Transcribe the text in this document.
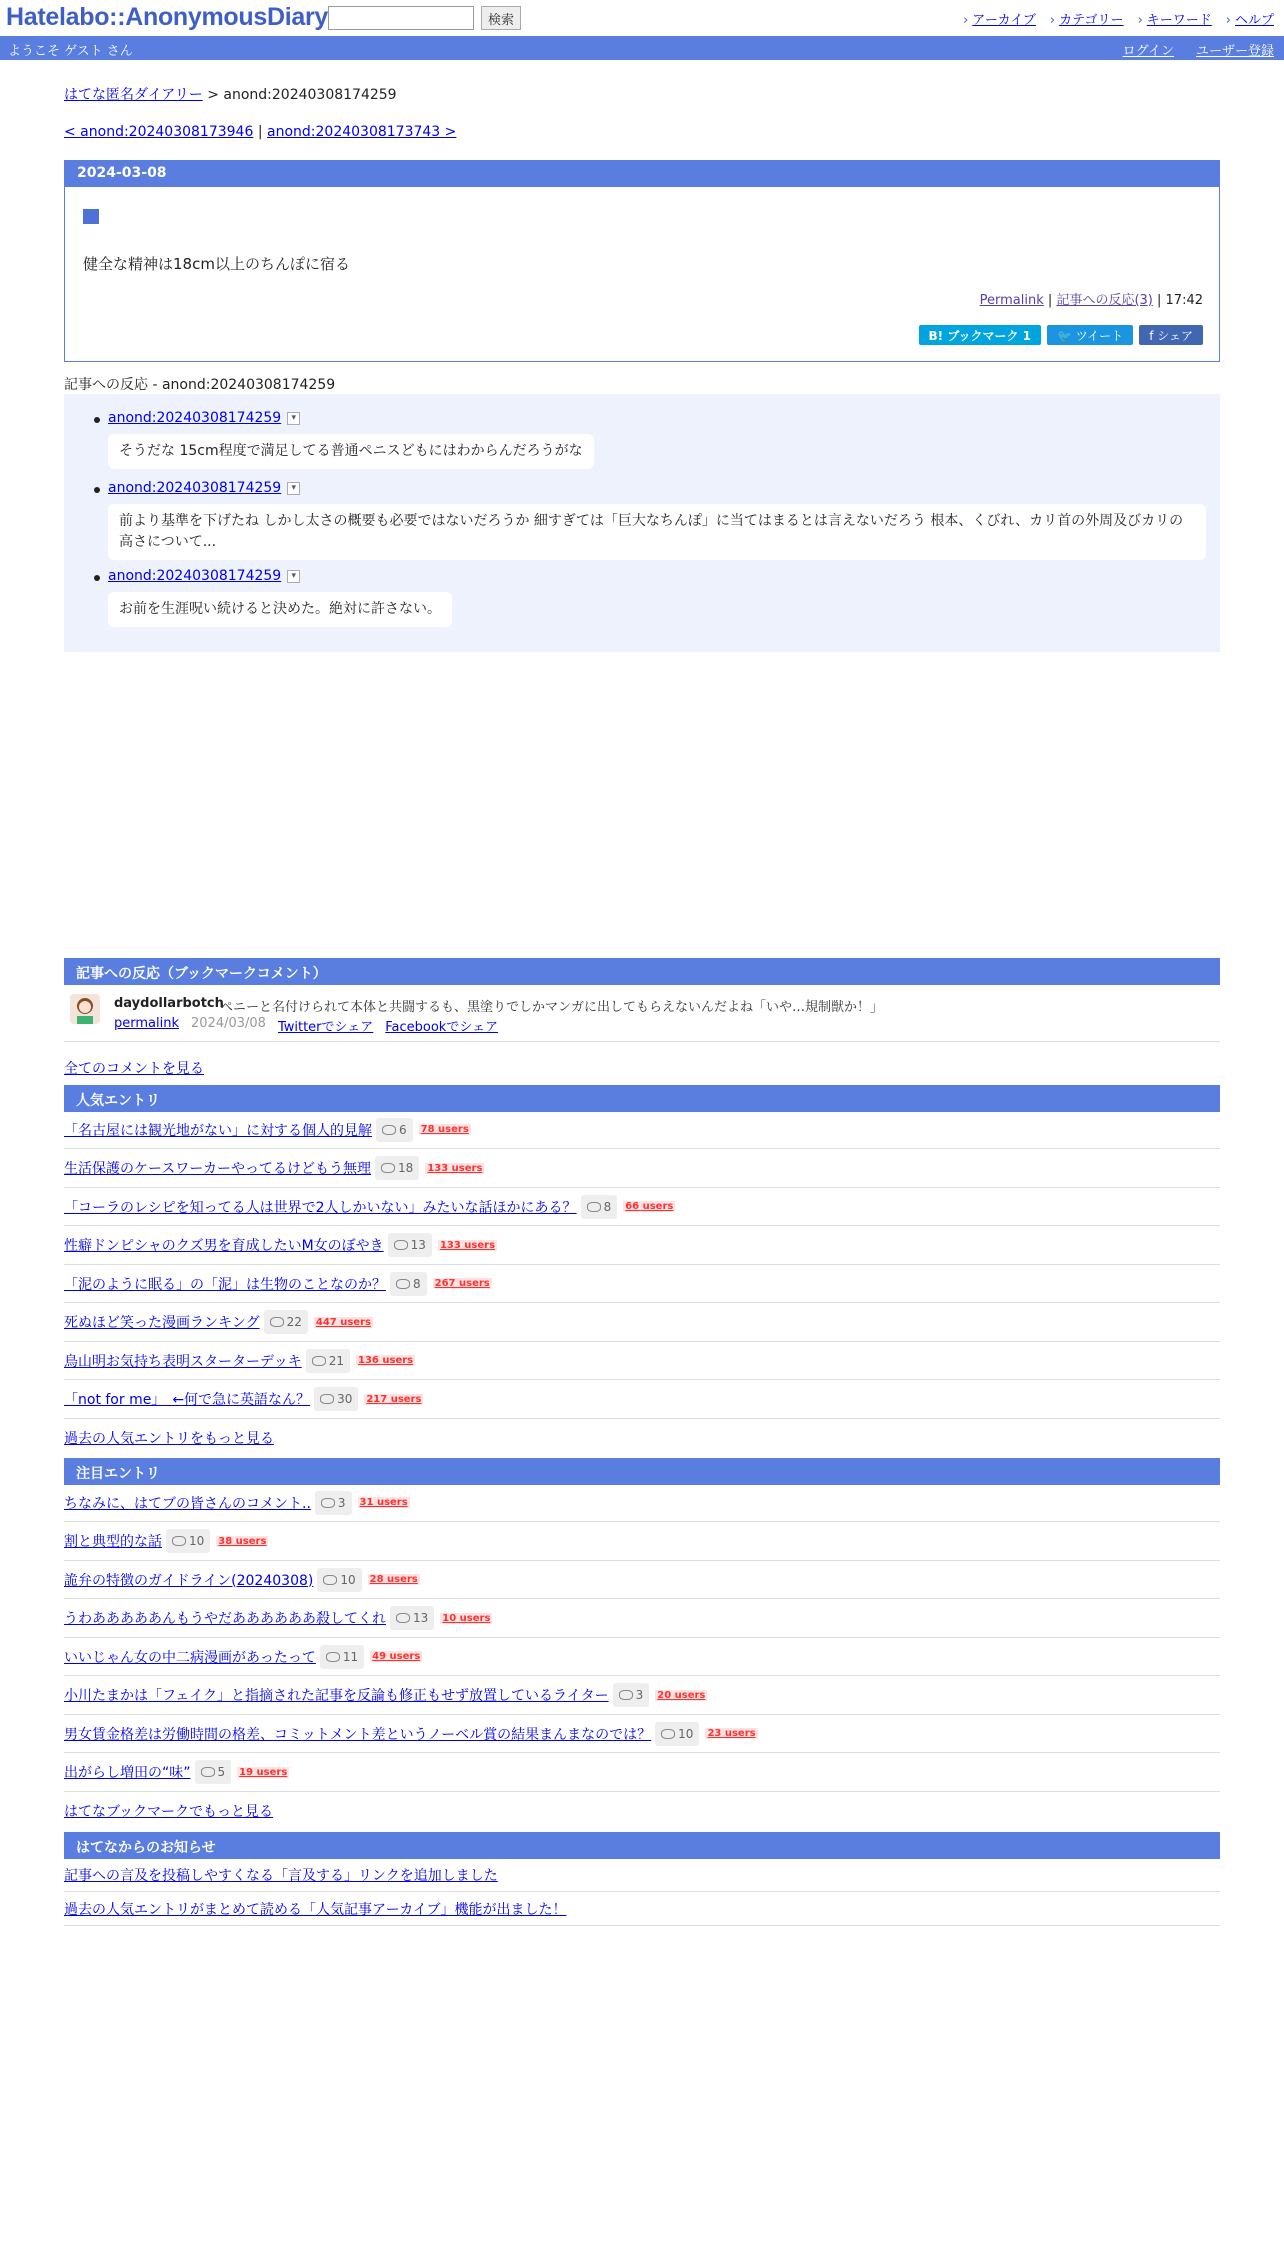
Hatelabo::AnonymousDiary	検索	› アーカイブ	› カテゴリー	› キーワード	› ヘルプ
ようこそ ゲスト さん	ログイン ユーザー登録
はてな匿名ダイアリー > anond:20240308174259
< anond:20240308173946 | anond:20240308173743 >
2024-03-08
健全な精神は18cm以上のちんぽに宿る
Permalink | 記事への反応(3) | 17:42
B! ブックマーク 1	🐦 ツイート	f シェア
記事への反応 - anond:20240308174259
anond:20240308174259 ▾
そうだな 15cm程度で満足してる普通ペニスどもにはわからんだろうがな
anond:20240308174259 ▾
前より基準を下げたね しかし太さの概要も必要ではないだろうか 細すぎては「巨大なちんぽ」に当てはまるとは言えないだろう 根本、くびれ、カリ首の外周及びカリの高さについて...
anond:20240308174259 ▾
お前を生涯呪い続けると決めた。絶対に許さない。
記事への反応（ブックマークコメント）
daydollarbotch
ペニーと名付けられて本体と共闘するも、黒塗りでしかマンガに出してもらえないんだよね「いや…規制獣か！」
permalink 2024/03/08 Twitterでシェア Facebookでシェア
全てのコメントを見る
人気エントリ
「名古屋には観光地がない」に対する個人的見解 6 78 users
生活保護のケースワーカーやってるけどもう無理 18 133 users
「コーラのレシピを知ってる人は世界で2人しかいない」みたいな話ほかにある？ 8 66 users
性癖ドンピシャのクズ男を育成したいM女のぼやき 13 133 users
「泥のように眠る」の「泥」は生物のことなのか？ 8 267 users
死ぬほど笑った漫画ランキング 22 447 users
鳥山明お気持ち表明スターターデッキ 21 136 users
「not for me」　←何で急に英語なん？ 30 217 users
過去の人気エントリをもっと見る
注目エントリ
ちなみに、はてブの皆さんのコメント.. 3 31 users
割と典型的な話 10 38 users
詭弁の特徴のガイドライン(20240308) 10 28 users
うわあああああんもうやだああああああ殺してくれ 13 10 users
いいじゃん女の中二病漫画があったって 11 49 users
小川たまかは「フェイク」と指摘された記事を反論も修正もせず放置しているライター 3 20 users
男女賃金格差は労働時間の格差、コミットメント差というノーベル賞の結果まんまなのでは？ 10 23 users
出がらし増田の“味” 5 19 users
はてなブックマークでもっと見る
はてなからのお知らせ
記事への言及を投稿しやすくなる「言及する」リンクを追加しました
過去の人気エントリがまとめて読める「人気記事アーカイブ」機能が出ました！
